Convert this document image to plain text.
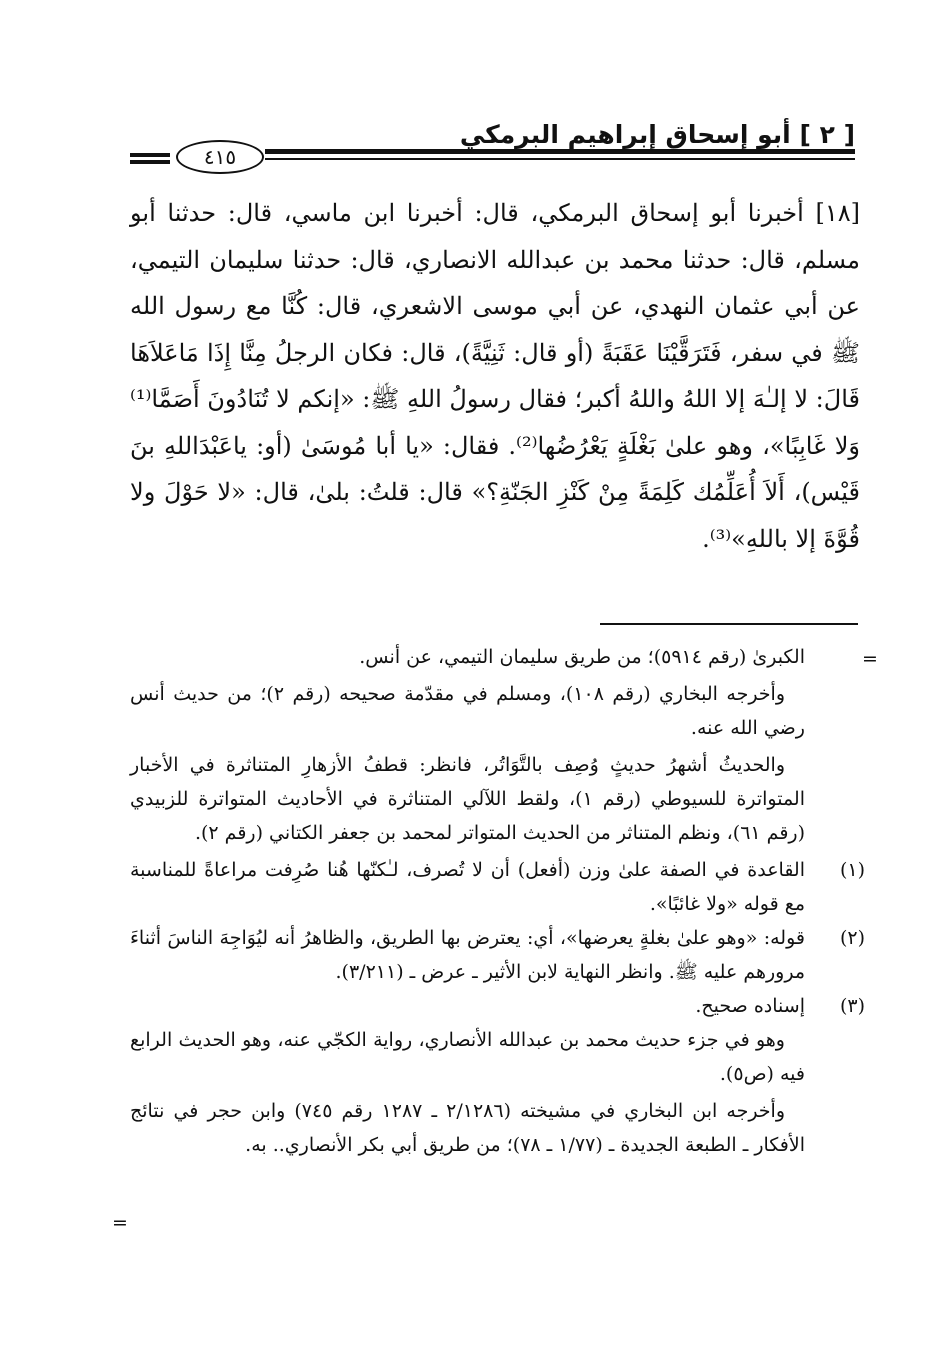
٤١٥
[ ٢ ] أبو إسحاق إبراهيم البرمكي

[١٨] أخبرنا أبو إسحاق البرمكي، قال: أخبرنا ابن ماسي، قال: حدثنا أبو مسلم، قال: حدثنا محمد بن عبدالله الانصاري، قال: حدثنا سليمان التيمي، عن أبي عثمان النهدي، عن أبي موسى الاشعري، قال: كُنَّا مع رسول الله ﷺ في سفر، فَتَرَقَّيْنَا عَقَبَةً (أو قال: ثَنِيَّةً)، قال: فكان الرجلُ مِنَّا إِذَا مَاعَلاَهَا قَالَ: لا إلـٰهَ إلا اللهُ واللهُ أكبر؛ فقال رسولُ اللهِ ﷺ: «إنكم لا تُنَادُونَ أَصَمَّا⁽¹⁾ وَلا غَابِبًا»، وهو علىٰ بَغْلَةٍ يَعْرُضُها⁽²⁾. فقال: «يا أبا مُوسَىٰ (أو: ياعَبْدَاللهِ بنَ قَيْس)، أَلاَ أُعَلِّمُك كَلِمَةً مِنْ كَنْزِ الجَنّةِ؟» قال: قلتُ: بلىٰ، قال: «لا حَوْلَ ولا قُوَّةَ إلا باللهِ»⁽³⁾.

=

الكبرىٰ (رقم ٥٩١٤)؛ من طريق سليمان التيمي، عن أنس.

وأخرجه البخاري (رقم ١٠٨)، ومسلم في مقدّمة صحيحه (رقم ٢)؛ من حديث أنس رضي الله عنه.

والحديثُ أشهرُ حديثٍ وُصِف بالتَّوَاتُر، فانظر: قطفُ الأزهارِ المتناثرة في الأخبار المتواترة للسيوطي (رقم ١)، ولقط اللآلي المتناثرة في الأحاديث المتواترة للزبيدي (رقم ٦١)، ونظم المتناثر من الحديث المتواتر لمحمد بن جعفر الكتاني (رقم ٢).

(١)
القاعدة في الصفة علىٰ وزن (أفعل) أن لا تُصرف، لـٰكنّها هُنا صُرِفت مراعاةً للمناسبة مع قوله «ولا غائبًا».
(٢)
قوله: «وهو علىٰ بغلةٍ يعرضها»، أي: يعترض بها الطريق، والظاهرُ أنه ليُوَاجِهَ الناسَ أثناءَ مرورهم عليه ﷺ. وانظر النهاية لابن الأثير ـ عرض ـ (٣/٢١١).
(٣)
إسناده صحيح.

وهو في جزء حديث محمد بن عبدالله الأنصاري، رواية الكجّي عنه، وهو الحديث الرابع فيه (ص٥).

وأخرجه ابن البخاري في مشيخته (٢/١٢٨٦ ـ ١٢٨٧ رقم ٧٤٥) وابن حجر في نتائج الأفكار ـ الطبعة الجديدة ـ (١/٧٧ ـ ٧٨)؛ من طريق أبي بكر الأنصاري.. به.

=
